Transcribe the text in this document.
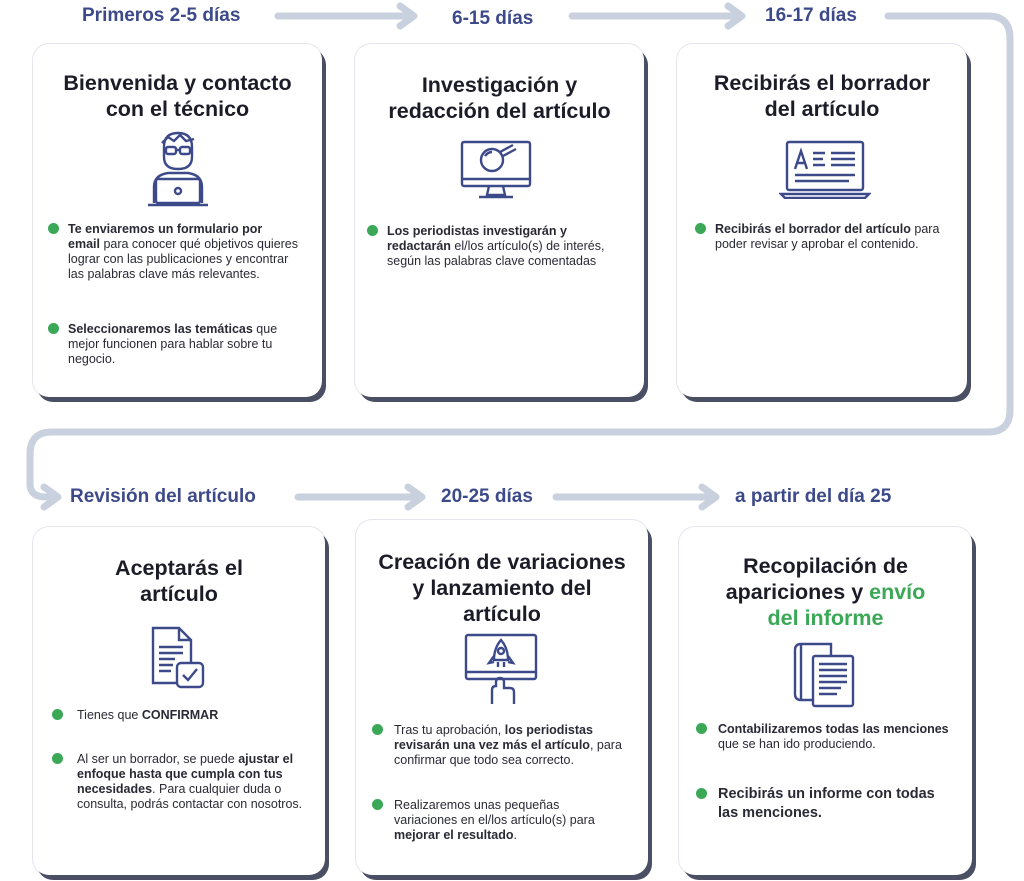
Primeros 2-5 días	6-15 días	16-17 días
Revisión del artículo	20-25 días	a partir del día 25
Bienvenida y contacto
con el técnico
Te enviaremos un formulario por
email para conocer qué objetivos quieres lograr con las publicaciones y encontrar las palabras clave más relevantes.
Seleccionaremos las temáticas que mejor funcionen para hablar sobre tu negocio.
Investigación y
redacción del artículo
Los periodistas investigarán y
redactarán el/los artículo(s) de interés, según las palabras clave comentadas
Recibirás el borrador
del artículo
Recibirás el borrador del artículo para poder revisar y aprobar el contenido.
Aceptarás el
artículo
Tienes que CONFIRMAR
Al ser un borrador, se puede ajustar el enfoque hasta que cumpla con tus necesidades. Para cualquier duda o consulta, podrás contactar con nosotros.
Creación de variaciones
y lanzamiento del
artículo
Tras tu aprobación, los periodistas revisarán una vez más el artículo, para confirmar que todo sea correcto.
Realizaremos unas pequeñas variaciones en el/los artículo(s) para mejorar el resultado.
Recopilación de
apariciones y envío
del informe
Contabilizaremos todas las menciones que se han ido produciendo.
Recibirás un informe con todas las menciones.
